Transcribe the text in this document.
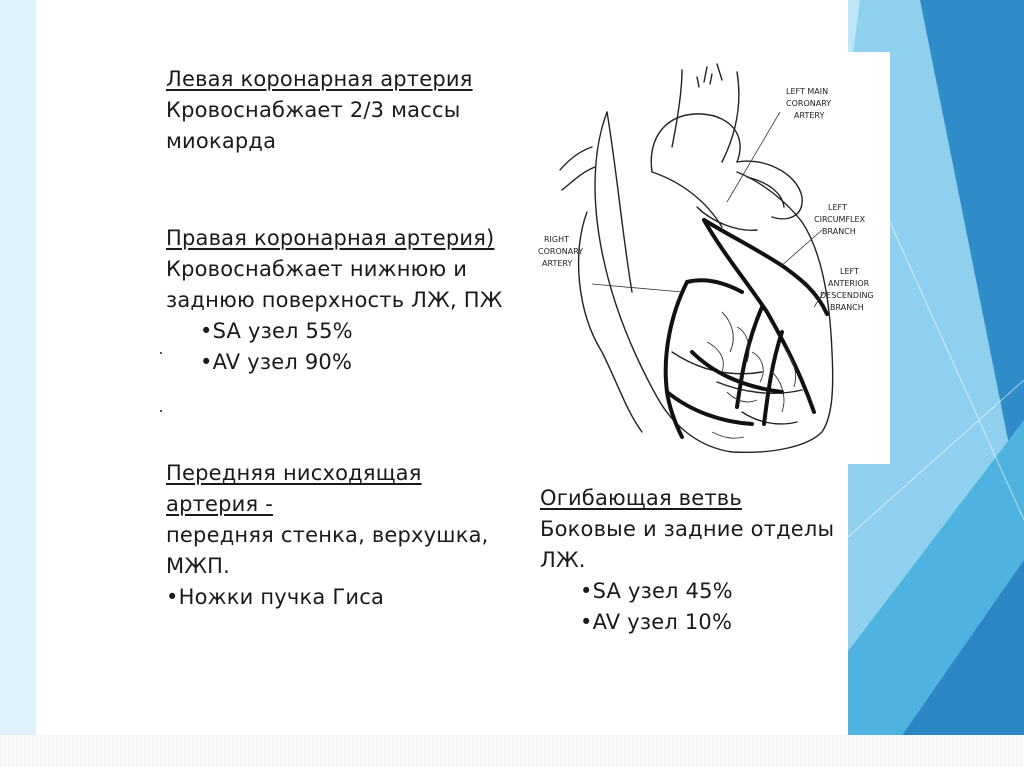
Левая коронарная артерия
Кровоснабжает 2/3 массы
миокарда
Правая коронарная артерия)
Кровоснабжает нижнюю и
заднюю поверхность ЛЖ, ПЖ
•SA узел 55%
•AV узел 90%
Передняя нисходящая
артерия -
передняя стенка, верхушка,
МЖП.
•Ножки пучка Гиса
Огибающая ветвь
Боковые и задние отделы
ЛЖ.
•SA узел 45%
•AV узел 10%
LEFT MAIN
CORONARY
ARTERY
LEFT
CIRCUMFLEX
BRANCH
LEFT
ANTERIOR
DESCENDING
BRANCH
RIGHT
CORONARY
ARTERY
